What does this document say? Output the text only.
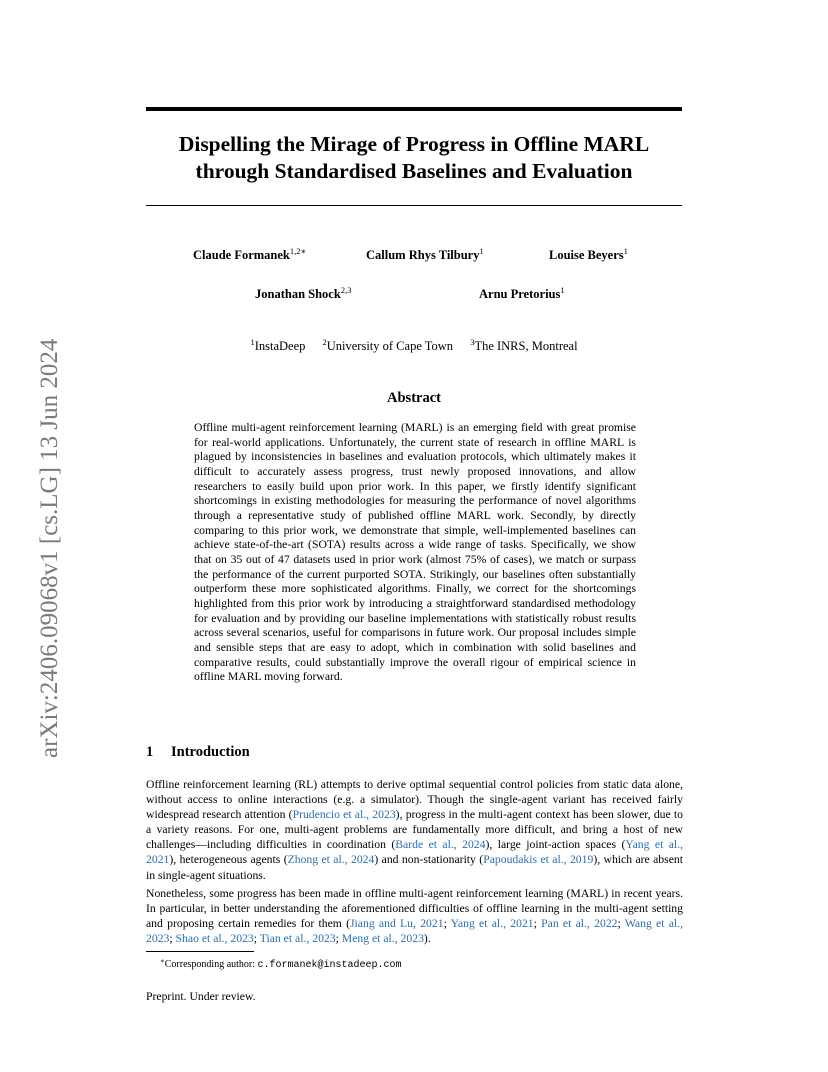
arXiv:2406.09068v1 [cs.LG] 13 Jun 2024
Dispelling the Mirage of Progress in Offline MARL
through Standardised Baselines and Evaluation
Claude Formanek$^{1,2∗}$	Callum Rhys Tilbury$^1$	Louise Beyers$^1$
Jonathan Shock$^{2,3}$	Arnu Pretorius$^1$
$^1$InstaDeep $^2$University of Cape Town $^3$The INRS, Montreal
Abstract
Offline multi-agent reinforcement learning (MARL) is an emerging field with great promise for real-world applications. Unfortunately, the current state of research in offline MARL is plagued by inconsistencies in baselines and evaluation protocols, which ultimately makes it difficult to accurately assess progress, trust newly proposed innovations, and allow researchers to easily build upon prior work. In this paper, we firstly identify significant shortcomings in existing methodologies for measuring the performance of novel algorithms through a representative study of published offline MARL work. Secondly, by directly comparing to this prior work, we demonstrate that simple, well-implemented baselines can achieve state-of-the-art (SOTA) results across a wide range of tasks. Specifically, we show that on 35 out of 47 datasets used in prior work (almost 75% of cases), we match or surpass the performance of the current purported SOTA. Strikingly, our baselines often substantially outperform these more sophisticated algorithms. Finally, we correct for the shortcomings highlighted from this prior work by introducing a straightforward standardised methodology for evaluation and by providing our baseline implementations with statistically robust results across several scenarios, useful for comparisons in future work. Our proposal includes simple and sensible steps that are easy to adopt, which in combination with solid baselines and comparative results, could substantially improve the overall rigour of empirical science in offline MARL moving forward.
1 Introduction
Offline reinforcement learning (RL) attempts to derive optimal sequential control policies from static data alone, without access to online interactions (e.g. a simulator). Though the single-agent variant has received fairly widespread research attention (Prudencio et al., 2023), progress in the multi-agent context has been slower, due to a variety reasons. For one, multi-agent problems are fundamentally more difficult, and bring a host of new challenges—including difficulties in coordination (Barde et al., 2024), large joint-action spaces (Yang et al., 2021), heterogeneous agents (Zhong et al., 2024) and non-stationarity (Papoudakis et al., 2019), which are absent in single-agent situations.
Nonetheless, some progress has been made in offline multi-agent reinforcement learning (MARL) in recent years. In particular, in better understanding the aforementioned difficulties of offline learning in the multi-agent setting and proposing certain remedies for them (Jiang and Lu, 2021; Yang et al., 2021; Pan et al., 2022; Wang et al., 2023; Shao et al., 2023; Tian et al., 2023; Meng et al., 2023).
∗Corresponding author: c.formanek@instadeep.com
Preprint. Under review.
